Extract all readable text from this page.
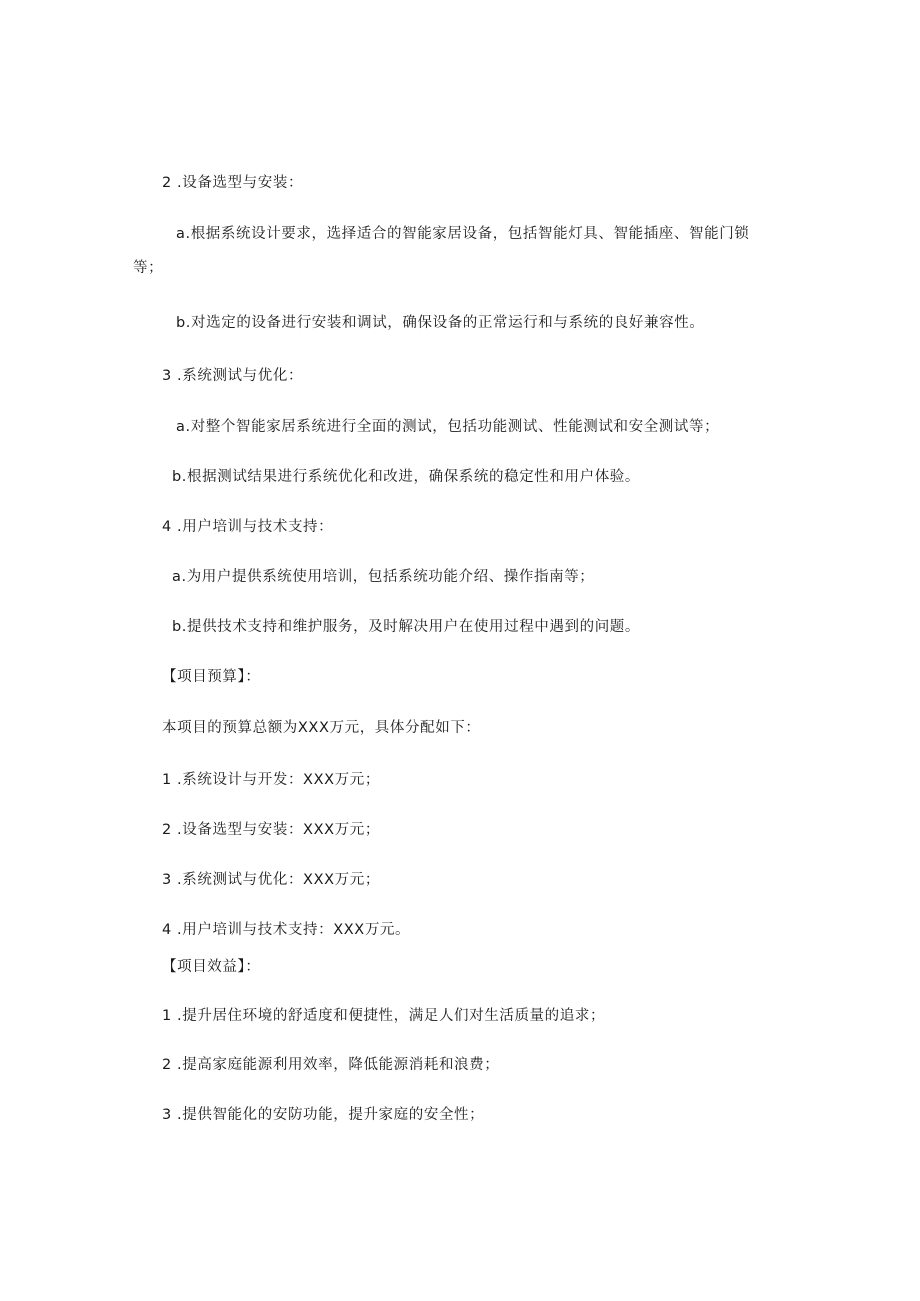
2 .设备选型与安装：
a.根据系统设计要求，选择适合的智能家居设备，包括智能灯具、智能插座、智能门锁
等；
b.对选定的设备进行安装和调试，确保设备的正常运行和与系统的良好兼容性。
3 .系统测试与优化：
a.对整个智能家居系统进行全面的测试，包括功能测试、性能测试和安全测试等；
b.根据测试结果进行系统优化和改进，确保系统的稳定性和用户体验。
4 .用户培训与技术支持：
a.为用户提供系统使用培训，包括系统功能介绍、操作指南等；
b.提供技术支持和维护服务，及时解决用户在使用过程中遇到的问题。
【项目预算】：
本项目的预算总额为XXX万元，具体分配如下：
1 .系统设计与开发：XXX万元；
2 .设备选型与安装：XXX万元；
3 .系统测试与优化：XXX万元；
4 .用户培训与技术支持：XXX万元。
【项目效益】：
1 .提升居住环境的舒适度和便捷性，满足人们对生活质量的追求；
2 .提高家庭能源利用效率，降低能源消耗和浪费；
3 .提供智能化的安防功能，提升家庭的安全性；
